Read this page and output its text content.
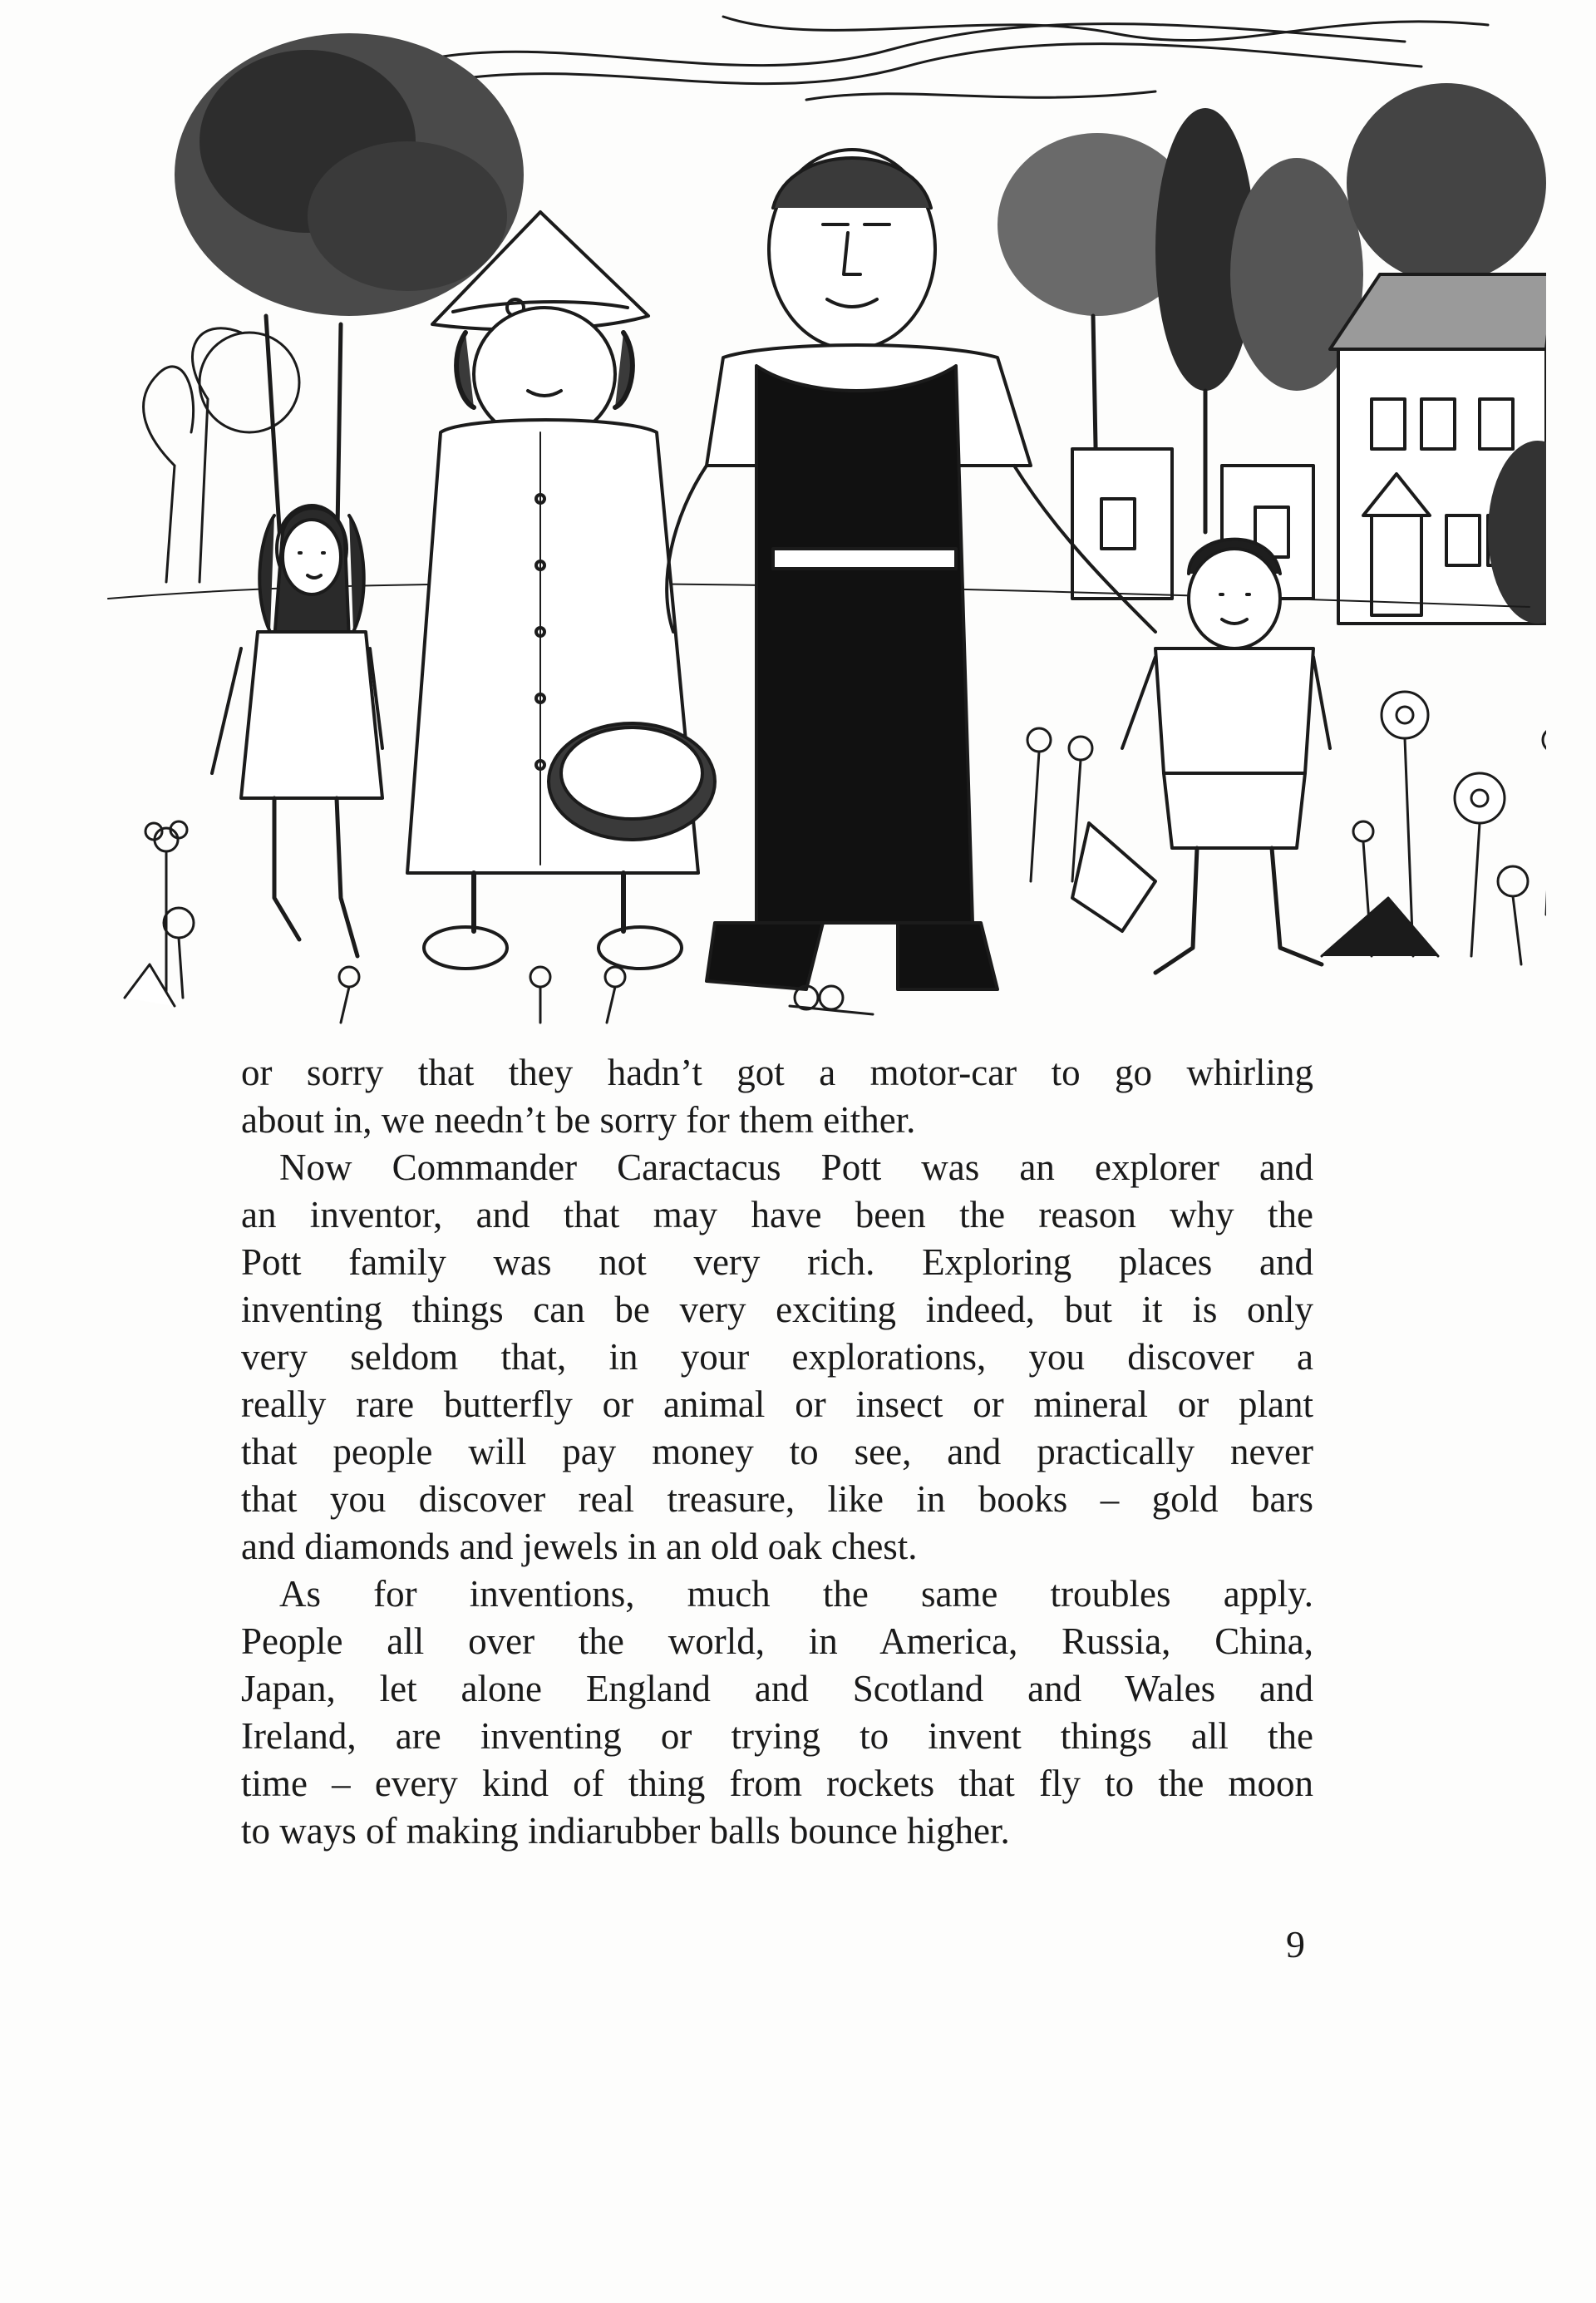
or sorry that they hadn’t got a motor-car to go whirling
about in, we needn’t be sorry for them either.

Now Commander Caractacus Pott was an explorer and
an inventor, and that may have been the reason why the
Pott family was not very rich. Exploring places and
inventing things can be very exciting indeed, but it is only
very seldom that, in your explorations, you discover a
really rare butterfly or animal or insect or mineral or plant
that people will pay money to see, and practically never
that you discover real treasure, like in books – gold bars
and diamonds and jewels in an old oak chest.

As for inventions, much the same troubles apply.
People all over the world, in America, Russia, China,
Japan, let alone England and Scotland and Wales and
Ireland, are inventing or trying to invent things all the
time – every kind of thing from rockets that fly to the moon
to ways of making indiarubber balls bounce higher.

9
